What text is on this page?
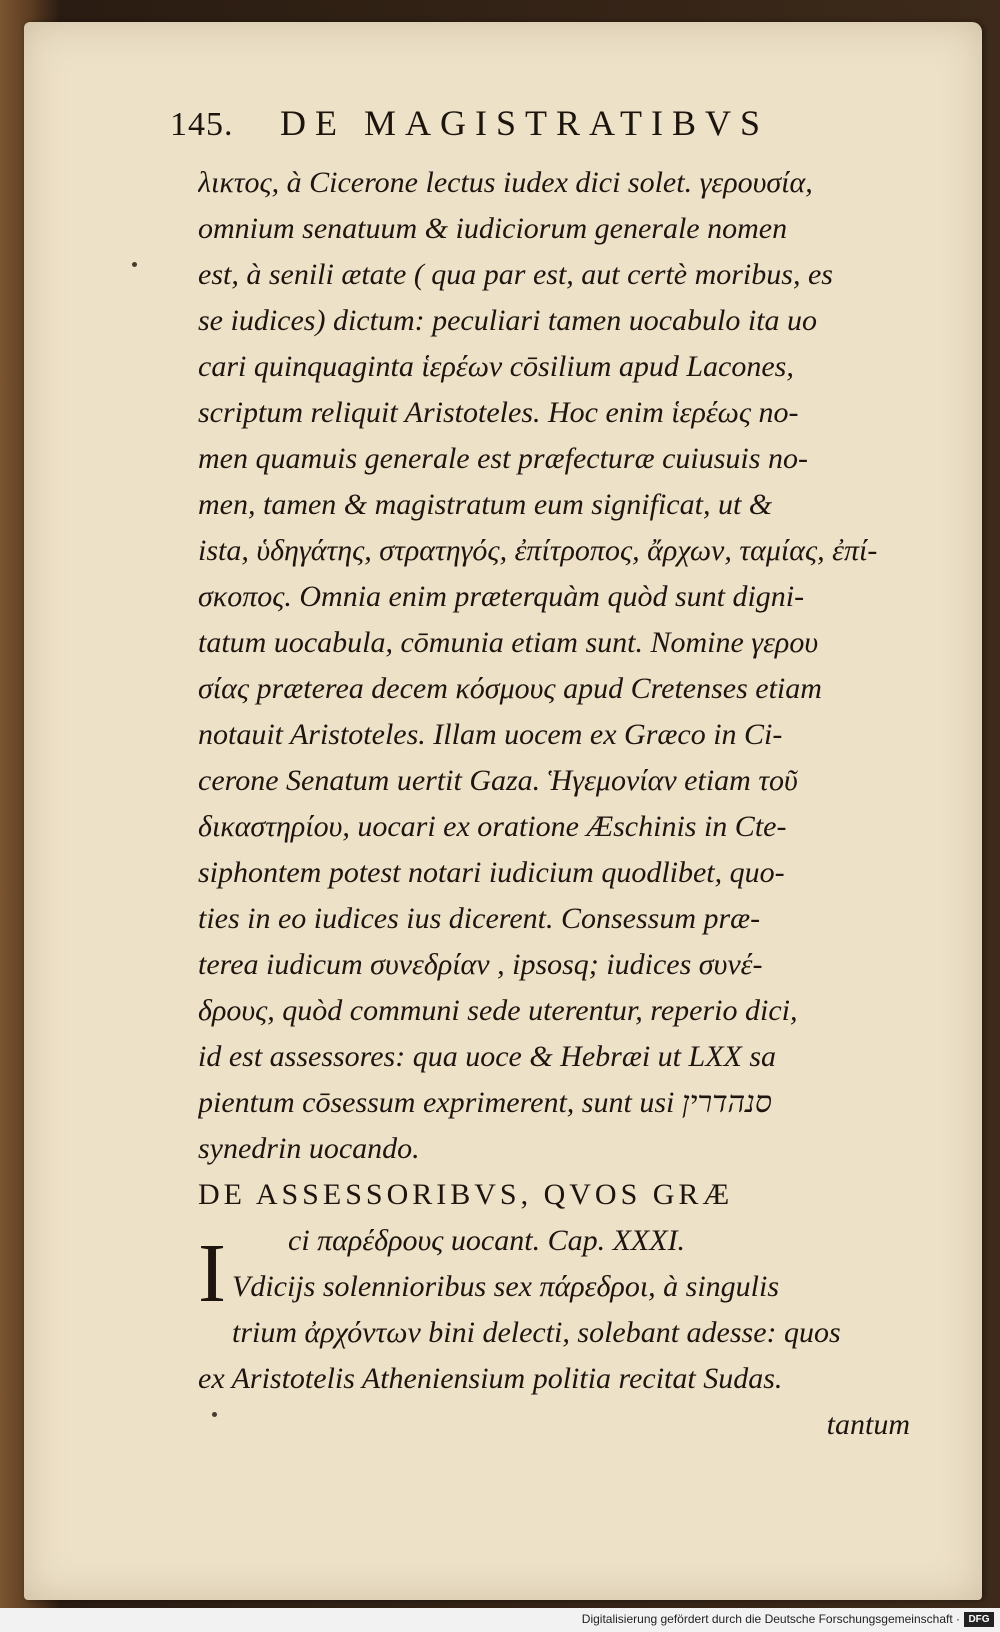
145.	DE MAGISTRATIBVS
λικτος, à Cicerone lectus iudex dici solet. γερουσία,
omnium senatuum & iudiciorum generale nomen
est, à senili ætate ( qua par est, aut certè moribus, es
se iudices) dictum: peculiari tamen uocabulo ita uo
cari quinquaginta ἱερέων cōsilium apud Lacones,
scriptum reliquit Aristoteles. Hoc enim ἱερέως no-
men quamuis generale est præfecturæ cuiusuis no-
men, tamen & magistratum eum significat, ut &
ista, ὑδηγάτης, στρατηγός, ἐπίτροπος, ἄρχων, ταμίας, ἐπί-
σκοπος. Omnia enim præterquàm quòd sunt digni-
tatum uocabula, cōmunia etiam sunt. Nomine γερου
σίας præterea decem κόσμους apud Cretenses etiam
notauit Aristoteles. Illam uocem ex Græco in Ci-
cerone Senatum uertit Gaza. Ἡγεμονίαν etiam τοῦ
δικαστηρίου, uocari ex oratione Æschinis in Cte-
siphontem potest notari iudicium quodlibet, quo-
ties in eo iudices ius dicerent. Consessum præ-
terea iudicum συνεδρίαν , ipsosq; iudices συνέ-
δρους, quòd communi sede uterentur, reperio dici,
id est assessores: qua uoce & Hebræi ut LXX sa
pientum cōsessum exprimerent, sunt usi סנהדרין
synedrin uocando.
DE ASSESSORIBVS, QVOS GRÆ
ci παρέδρους uocant. Cap. XXXI.
Vdicijs solennioribus sex πάρεδροι, à singulis
trium ἀρχόντων bini delecti, solebant adesse: quos
ex Aristotelis Atheniensium politia recitat Sudas.
tantum
I
Digitalisierung gefördert durch die Deutsche Forschungsgemeinschaft · DFG
